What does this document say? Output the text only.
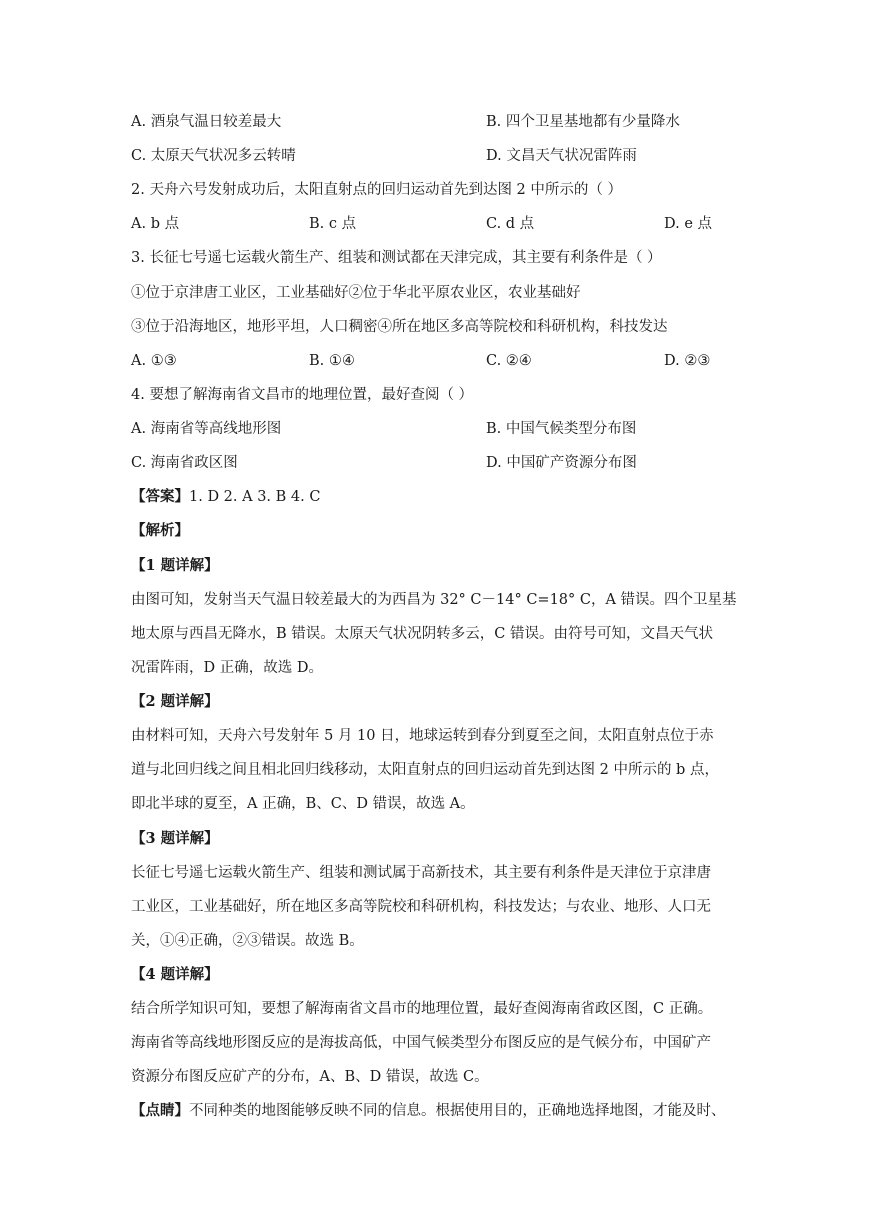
A. 酒泉气温日较差最大	B. 四个卫星基地都有少量降水
C. 太原天气状况多云转晴	D. 文昌天气状况雷阵雨
2. 天舟六号发射成功后，太阳直射点的回归运动首先到达图 2 中所示的（ ）
A. b 点	B. c 点	C. d 点	D. e 点
3. 长征七号遥七运载火箭生产、组装和测试都在天津完成，其主要有利条件是（ ）
①位于京津唐工业区，工业基础好②位于华北平原农业区，农业基础好
③位于沿海地区，地形平坦，人口稠密④所在地区多高等院校和科研机构，科技发达
A. ①③	B. ①④	C. ②④	D. ②③
4. 要想了解海南省文昌市的地理位置，最好查阅（ ）
A. 海南省等高线地形图	B. 中国气候类型分布图
C. 海南省政区图	D. 中国矿产资源分布图
【答案】1. D 2. A 3. B 4. C
【解析】
【1 题详解】
由图可知，发射当天气温日较差最大的为西昌为 32° C－14° C=18° C，A 错误。四个卫星基
地太原与西昌无降水，B 错误。太原天气状况阴转多云，C 错误。由符号可知，文昌天气状
况雷阵雨，D 正确，故选 D。
【2 题详解】
由材料可知，天舟六号发射年 5 月 10 日，地球运转到春分到夏至之间，太阳直射点位于赤
道与北回归线之间且相北回归线移动，太阳直射点的回归运动首先到达图 2 中所示的 b 点，
即北半球的夏至，A 正确，B、C、D 错误，故选 A。
【3 题详解】
长征七号遥七运载火箭生产、组装和测试属于高新技术，其主要有利条件是天津位于京津唐
工业区，工业基础好，所在地区多高等院校和科研机构，科技发达；与农业、地形、人口无
关，①④正确，②③错误。故选 B。
【4 题详解】
结合所学知识可知，要想了解海南省文昌市的地理位置，最好查阅海南省政区图，C 正确。
海南省等高线地形图反应的是海拔高低，中国气候类型分布图反应的是气候分布，中国矿产
资源分布图反应矿产的分布，A、B、D 错误，故选 C。
【点睛】不同种类的地图能够反映不同的信息。根据使用目的，正确地选择地图，才能及时、
